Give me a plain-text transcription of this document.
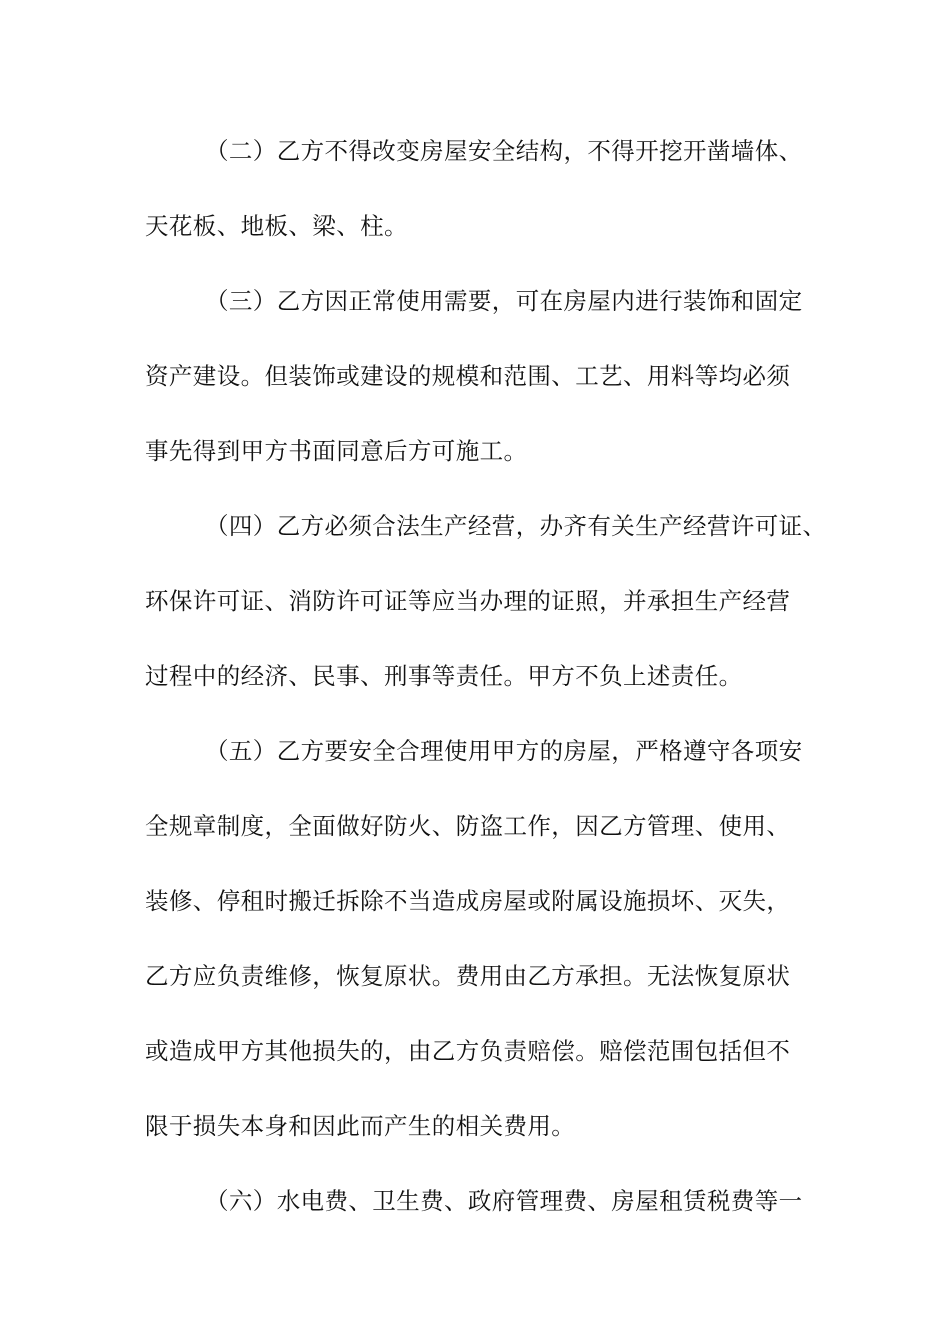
（二）乙方不得改变房屋安全结构，不得开挖开凿墙体、
天花板、地板、梁、柱。
（三）乙方因正常使用需要，可在房屋内进行装饰和固定
资产建设。但装饰或建设的规模和范围、工艺、用料等均必须
事先得到甲方书面同意后方可施工。
（四）乙方必须合法生产经营，办齐有关生产经营许可证、
环保许可证、消防许可证等应当办理的证照，并承担生产经营
过程中的经济、民事、刑事等责任。甲方不负上述责任。
（五）乙方要安全合理使用甲方的房屋，严格遵守各项安
全规章制度，全面做好防火、防盗工作，因乙方管理、使用、
装修、停租时搬迁拆除不当造成房屋或附属设施损坏、灭失，
乙方应负责维修，恢复原状。费用由乙方承担。无法恢复原状
或造成甲方其他损失的，由乙方负责赔偿。赔偿范围包括但不
限于损失本身和因此而产生的相关费用。
（六）水电费、卫生费、政府管理费、房屋租赁税费等一
